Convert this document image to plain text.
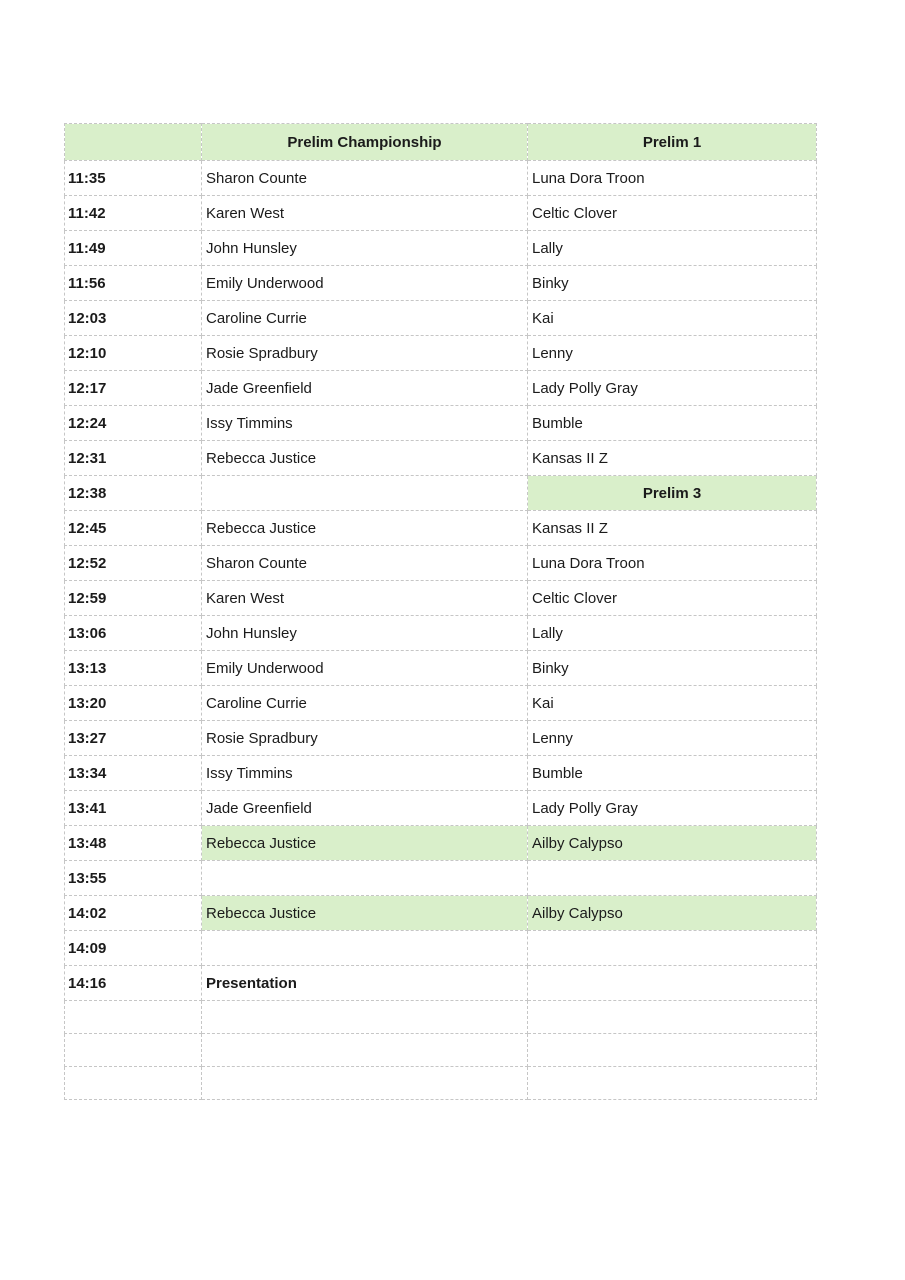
	Prelim Championship	Prelim 1
11:35	Sharon Counte	Luna Dora Troon
11:42	Karen West	Celtic Clover
11:49	John Hunsley	Lally
11:56	Emily Underwood	Binky
12:03	Caroline Currie	Kai
12:10	Rosie Spradbury	Lenny
12:17	Jade Greenfield	Lady Polly Gray
12:24	Issy Timmins	Bumble
12:31	Rebecca Justice	Kansas II Z
12:38		Prelim 3
12:45	Rebecca Justice	Kansas II Z
12:52	Sharon Counte	Luna Dora Troon
12:59	Karen West	Celtic Clover
13:06	John Hunsley	Lally
13:13	Emily Underwood	Binky
13:20	Caroline Currie	Kai
13:27	Rosie Spradbury	Lenny
13:34	Issy Timmins	Bumble
13:41	Jade Greenfield	Lady Polly Gray
13:48	Rebecca Justice	Ailby Calypso
13:55		
14:02	Rebecca Justice	Ailby Calypso
14:09		
14:16	Presentation	
